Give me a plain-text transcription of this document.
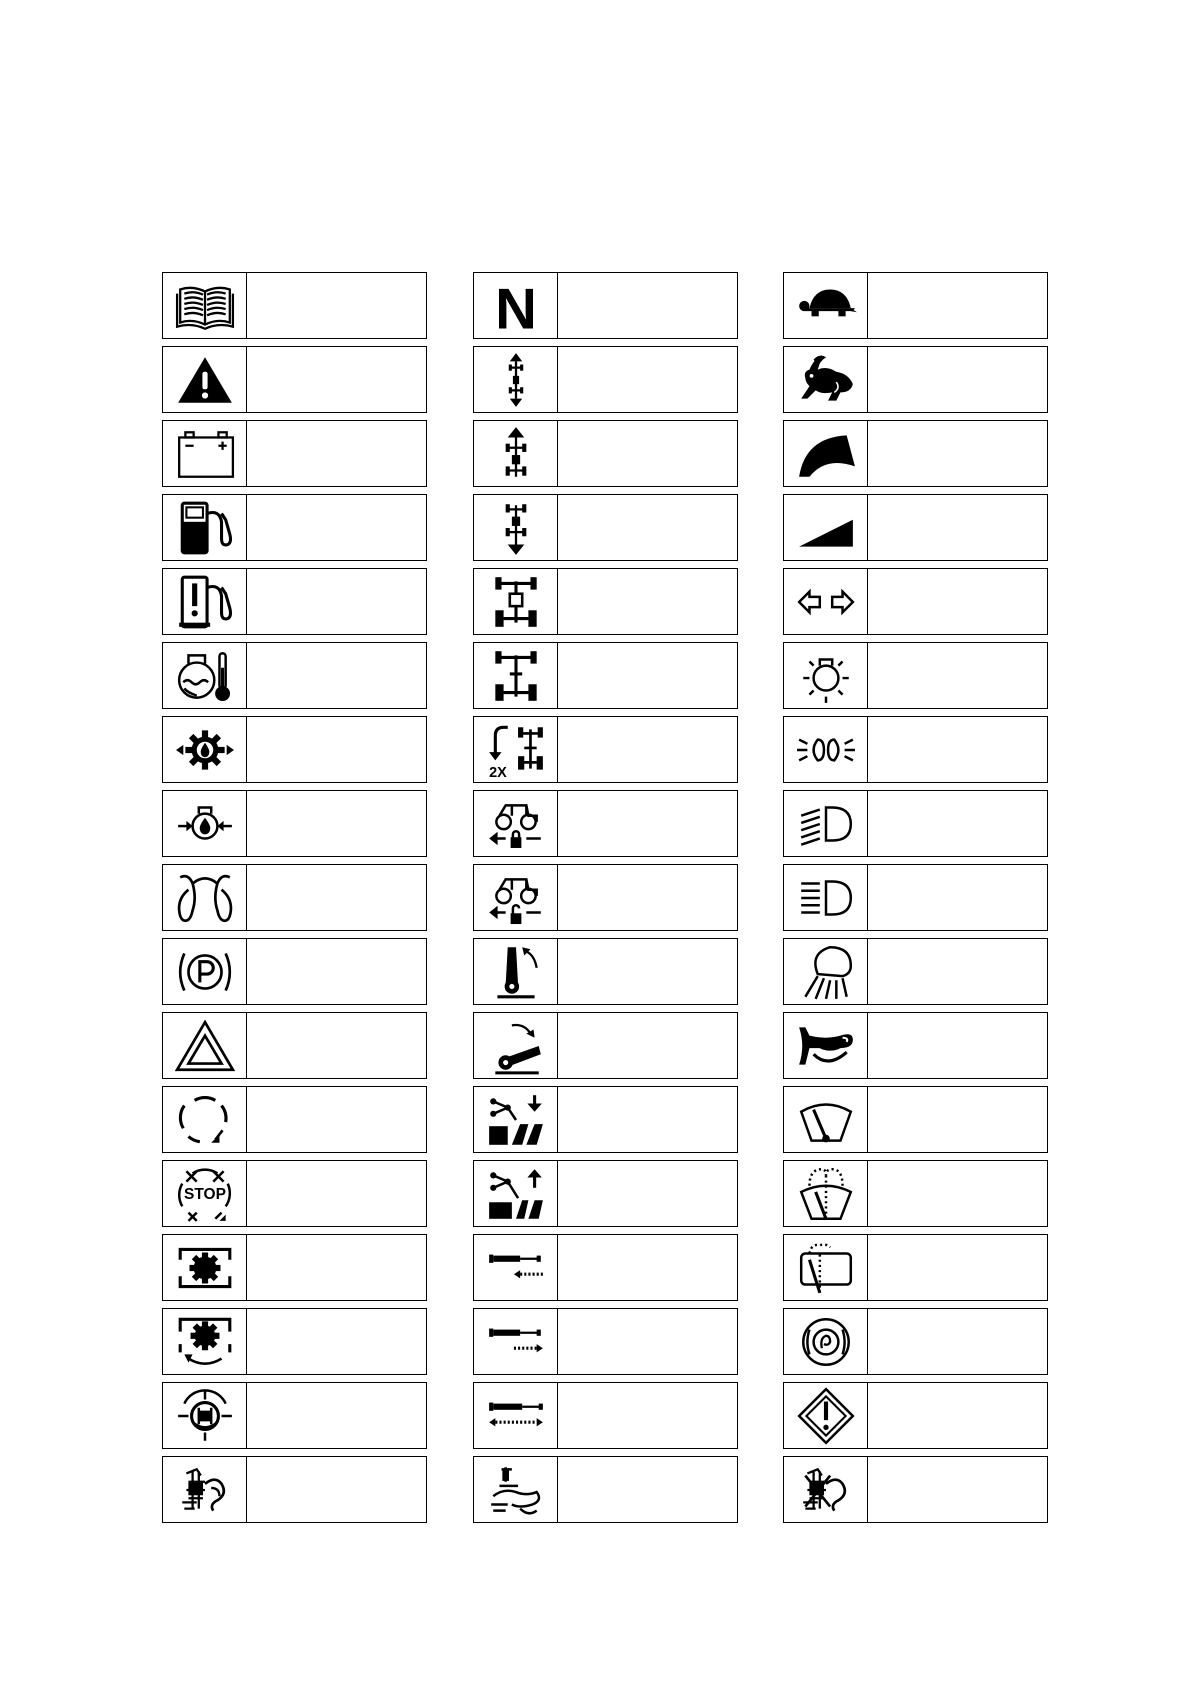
STOP
N
2X
